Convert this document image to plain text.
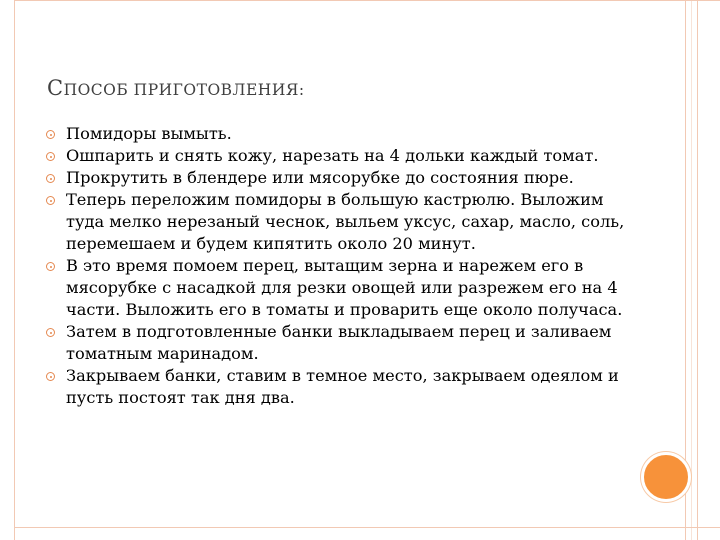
СПОСОБ ПРИГОТОВЛЕНИЯ:
Помидоры вымыть.
Ошпарить и снять кожу, нарезать на 4 дольки каждый томат.
Прокрутить в блендере или мясорубке до состояния пюре.
Теперь переложим помидоры в большую кастрюлю. Выложим туда мелко нерезаный чеснок, выльем уксус, сахар, масло, соль, перемешаем и будем кипятить около 20 минут.
В это время помоем перец, вытащим зерна и нарежем его в мясорубке с насадкой для резки овощей или разрежем его на 4 части. Выложить его в томаты и проварить еще около получаса.
Затем в подготовленные банки выкладываем перец и заливаем томатным маринадом.
Закрываем банки, ставим в темное место, закрываем одеялом и пусть постоят так дня два.
